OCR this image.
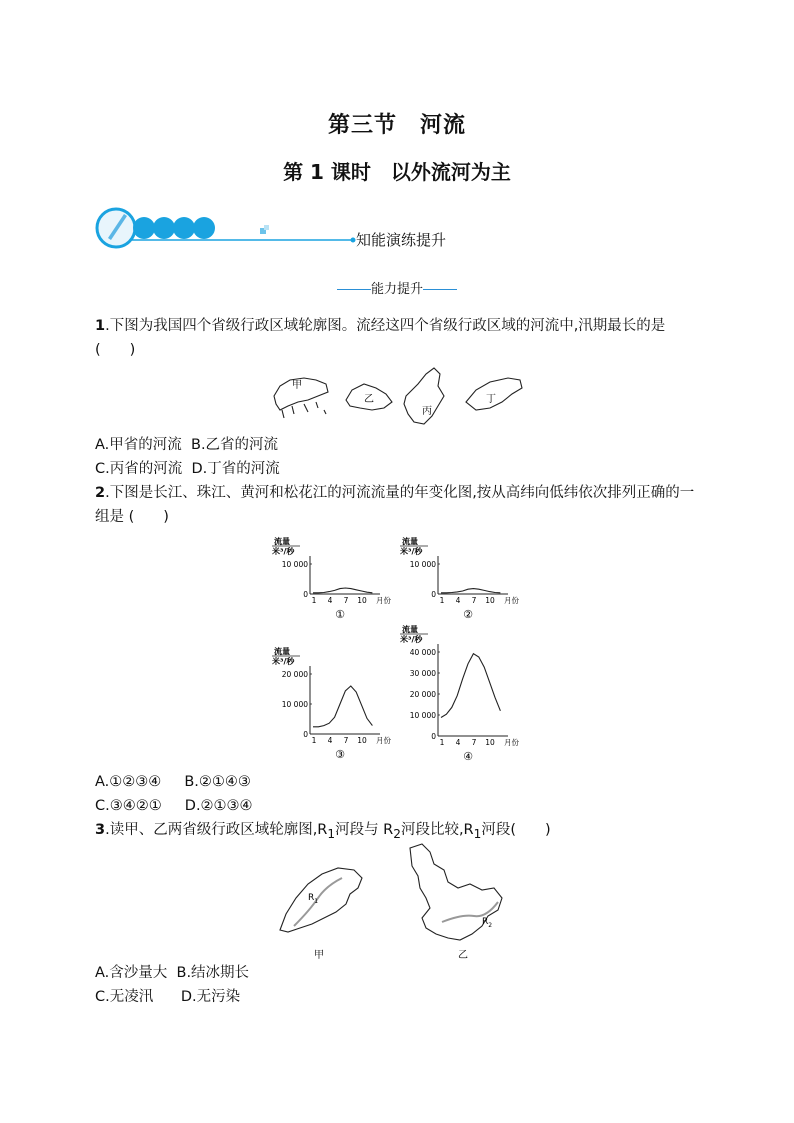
第三节　河流
第 1 课时　以外流河为主
知能演练提升
能力提升
1.下图为我国四个省级行政区域轮廓图。流经这四个省级行政区域的河流中,汛期最长的是(　　)
甲
乙
丙
丁
A.甲省的河流 B.乙省的河流
C.丙省的河流 D.丁省的河流
2.下图是长江、珠江、黄河和松花江的河流流量的年变化图,按从高纬向低纬依次排列正确的一组是 (　　)
流量
米³/秒
10 000
0
1 4 7 10 月份
①
流量
米³/秒
10 000
0
1 4 7 10 月份
②
流量
米³/秒
20 000
10 000
0
1 4 7 10 月份
③
流量
米³/秒
40 000
30 000
20 000
10 000
0
1 4 7 10 月份
④
A.①②③④ B.②①④③
C.③④②① D.②①③④
3.读甲、乙两省级行政区域轮廓图$,R_1$河段与 $R_2$河段比较$,R_1$河段(　　)
$R_1$
$R_2$
甲	乙
A.含沙量大 B.结冰期长
C.无凌汛 D.无污染
